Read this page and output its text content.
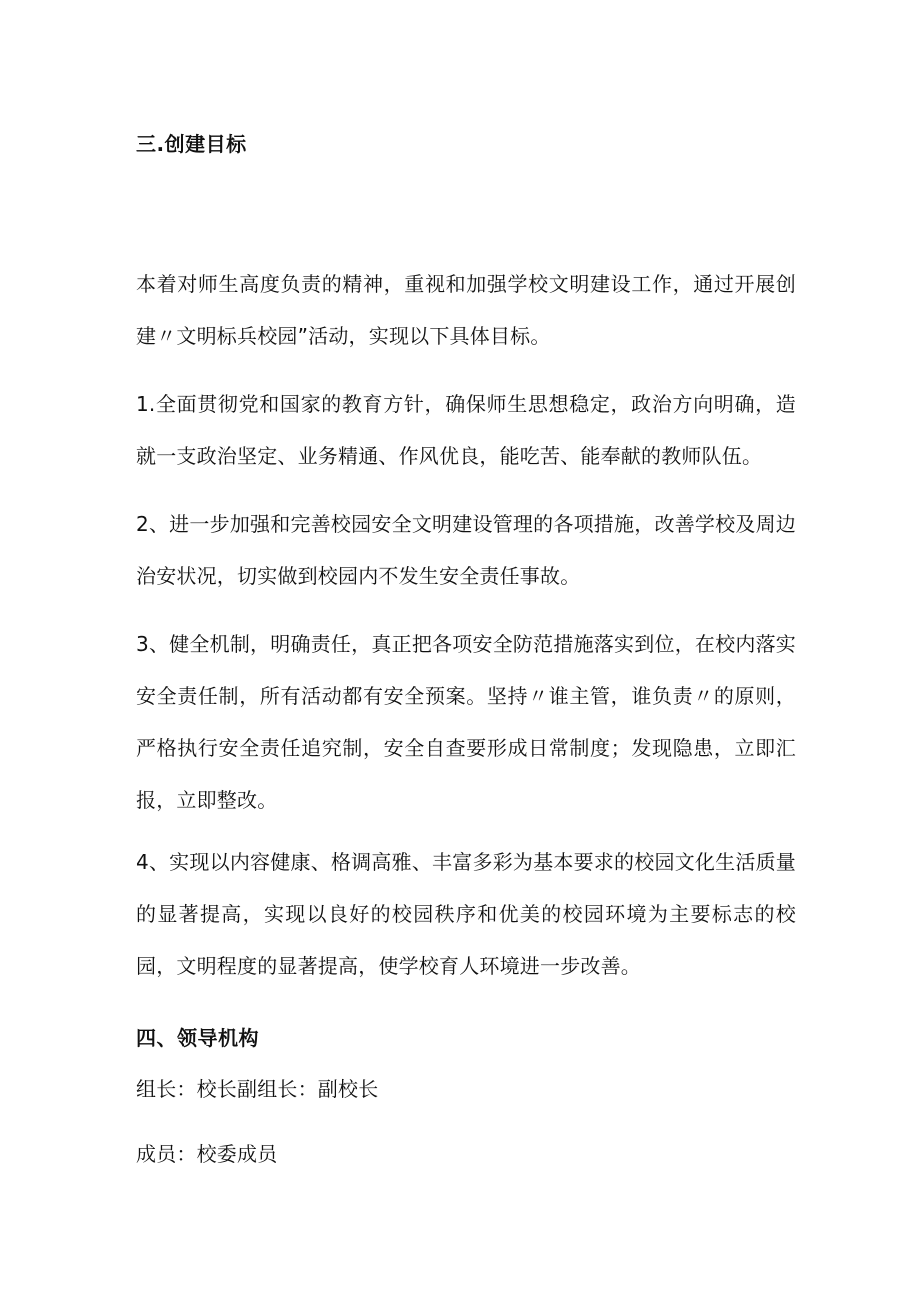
三.创建目标

本着对师生高度负责的精神，重视和加强学校文明建设工作，通过开展创建〃文明标兵校园”活动，实现以下具体目标。

1.全面贯彻党和国家的教育方针，确保师生思想稳定，政治方向明确，造就一支政治坚定、业务精通、作风优良，能吃苦、能奉献的教师队伍。

2、进一步加强和完善校园安全文明建设管理的各项措施，改善学校及周边治安状况，切实做到校园内不发生安全责任事故。

3、健全机制，明确责任，真正把各项安全防范措施落实到位，在校内落实安全责任制，所有活动都有安全预案。坚持〃谁主管，谁负责〃的原则，严格执行安全责任追究制，安全自查要形成日常制度；发现隐患，立即汇报，立即整改。

4、实现以内容健康、格调高雅、丰富多彩为基本要求的校园文化生活质量的显著提高，实现以良好的校园秩序和优美的校园环境为主要标志的校园，文明程度的显著提高，使学校育人环境进一步改善。

四、领导机构
组长：校长副组长：副校长
成员：校委成员
